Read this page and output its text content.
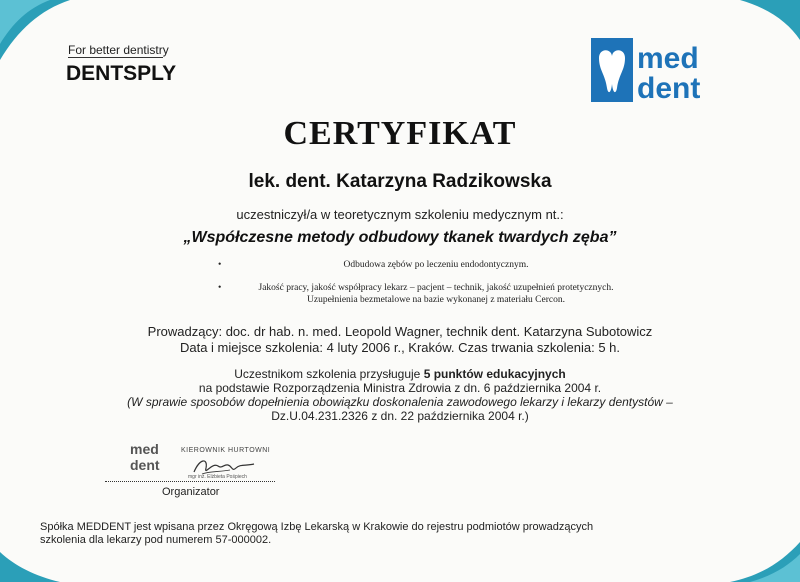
For better dentistry
DENTSPLY	med
dent
CERTYFIKAT
lek. dent. Katarzyna Radzikowska
uczestniczył/a w teoretycznym szkoleniu medycznym nt.:
„Współczesne metody odbudowy tkanek twardych zęba”
•	Odbudowa zębów po leczeniu endodontycznym.
•	Jakość pracy, jakość współpracy lekarz – pacjent – technik, jakość uzupełnień protetycznych. Uzupełnienia bezmetalowe na bazie wykonanej z materiału Cercon.
Prowadzący: doc. dr hab. n. med. Leopold Wagner, technik dent. Katarzyna Subotowicz
Data i miejsce szkolenia: 4 luty 2006 r., Kraków. Czas trwania szkolenia: 5 h.
Uczestnikom szkolenia przysługuje 5 punktów edukacyjnych
na podstawie Rozporządzenia Ministra Zdrowia z dn. 6 października 2004 r.
(W sprawie sposobów dopełnienia obowiązku doskonalenia zawodowego lekarzy i lekarzy dentystów –
Dz.U.04.231.2326 z dn. 22 października 2004 r.)
med
dent
KIEROWNIK HURTOWNI
mgr inż. Elżbieta Pośpiech
Organizator
Spółka MEDDENT jest wpisana przez Okręgową Izbę Lekarską w Krakowie do rejestru podmiotów prowadzących
szkolenia dla lekarzy pod numerem 57-000002.
